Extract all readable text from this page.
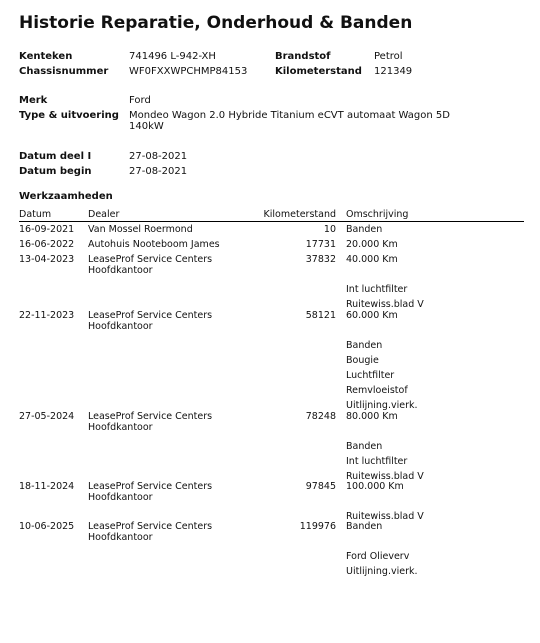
Historie Reparatie, Onderhoud & Banden
Kenteken	741496 L-942-XH	Brandstof	Petrol
Chassisnummer WF0FXXWPCHMP84153	Kilometerstand 121349
Merk	Ford
Type & uitvoering Mondeo Wagon 2.0 Hybride Titanium eCVT automaat Wagon 5D
140kW
Datum deel I	27-08-2021
Datum begin	27-08-2021
Werkzaamheden
Datum	Dealer	Kilometerstand Omschrijving
16-09-2021 Van Mossel Roermond	10 Banden
16-06-2022 Autohuis Nooteboom James	17731 20.000 Km
13-04-2023 LeaseProf Service Centers
Hoofdkantoor
37832 40.000 Km
Int luchtfilter
Ruitewiss.blad V
22-11-2023 LeaseProf Service Centers
Hoofdkantoor
58121 60.000 Km
Banden
Bougie
Luchtfilter
Remvloeistof
Uitlijning.vierk.
27-05-2024 LeaseProf Service Centers
Hoofdkantoor
78248 80.000 Km
Banden
Int luchtfilter
Ruitewiss.blad V
18-11-2024 LeaseProf Service Centers
Hoofdkantoor
97845 100.000 Km
Ruitewiss.blad V
10-06-2025 LeaseProf Service Centers
Hoofdkantoor
119976 Banden
Ford Olieverv
Uitlijning.vierk.
